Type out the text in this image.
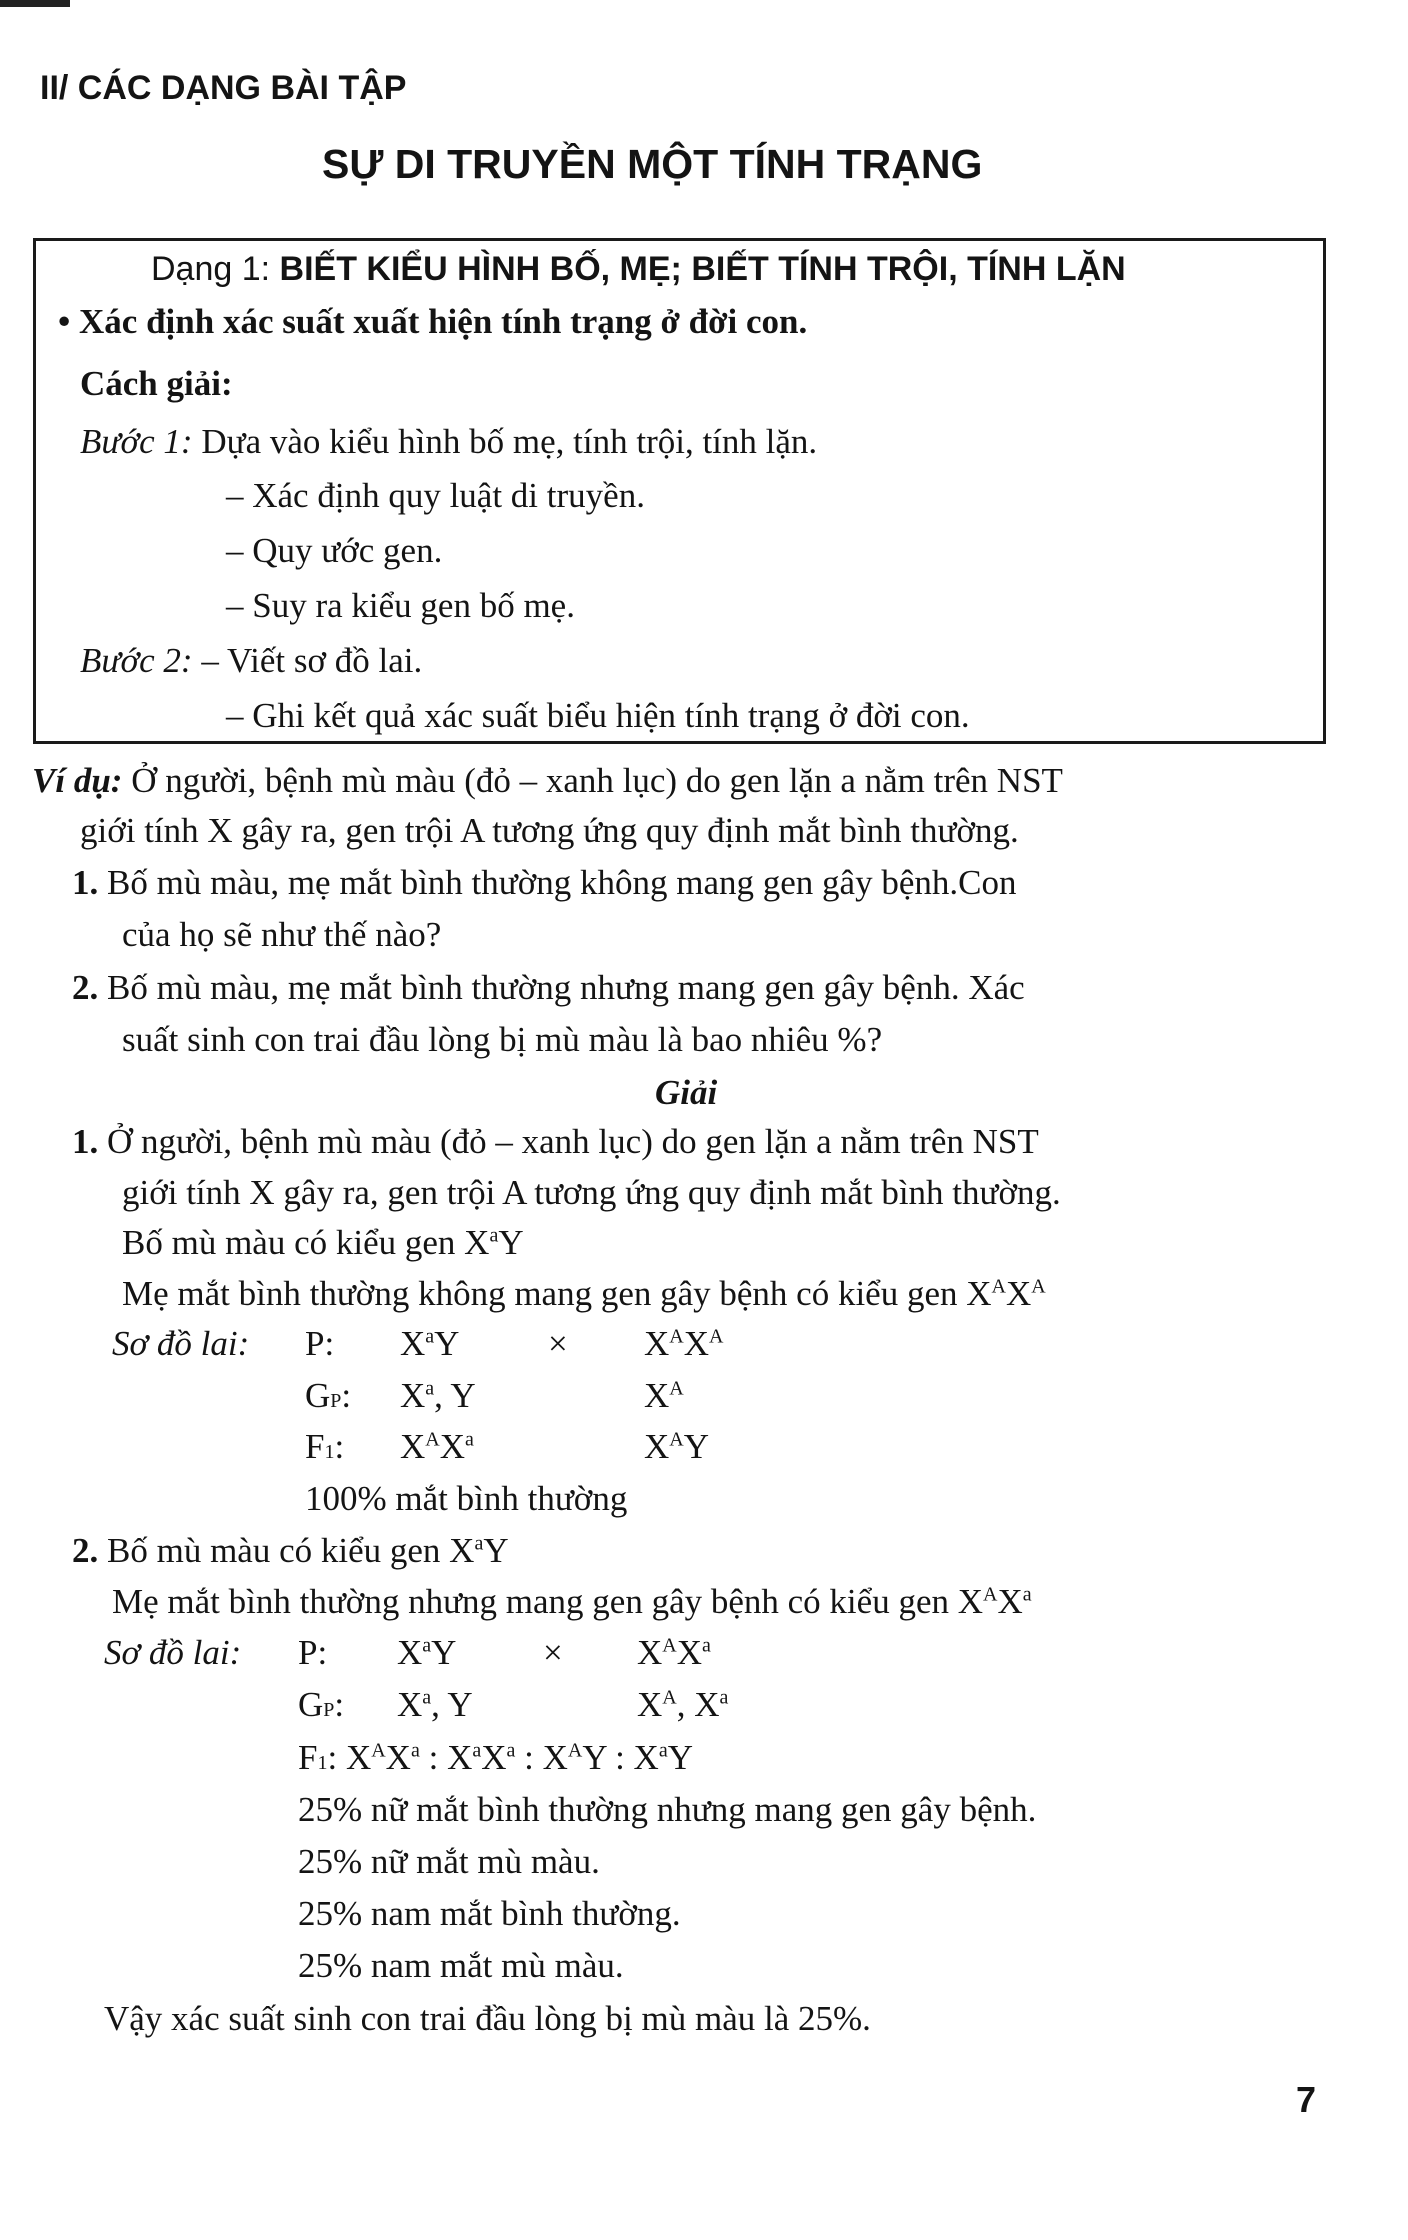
II/ CÁC DẠNG BÀI TẬP
SỰ DI TRUYỀN MỘT TÍNH TRẠNG
Dạng 1: BIẾT KIỂU HÌNH BỐ, MẸ; BIẾT TÍNH TRỘI, TÍNH LẶN
• Xác định xác suất xuất hiện tính trạng ở đời con.
Cách giải:
Bước 1: Dựa vào kiểu hình bố mẹ, tính trội, tính lặn.
– Xác định quy luật di truyền.
– Quy ước gen.
– Suy ra kiểu gen bố mẹ.
Bước 2: – Viết sơ đồ lai.
– Ghi kết quả xác suất biểu hiện tính trạng ở đời con.
Ví dụ: Ở người, bệnh mù màu (đỏ – xanh lục) do gen lặn a nằm trên NST
giới tính X gây ra, gen trội A tương ứng quy định mắt bình thường.
1. Bố mù màu, mẹ mắt bình thường không mang gen gây bệnh.Con
của họ sẽ như thế nào?
2. Bố mù màu, mẹ mắt bình thường nhưng mang gen gây bệnh. Xác
suất sinh con trai đầu lòng bị mù màu là bao nhiêu %?
Giải
1. Ở người, bệnh mù màu (đỏ – xanh lục) do gen lặn a nằm trên NST
giới tính X gây ra, gen trội A tương ứng quy định mắt bình thường.
Bố mù màu có kiểu gen $X^aY$
Mẹ mắt bình thường không mang gen gây bệnh có kiểu gen $X^AX^A$
Sơ đồ lai: P: $X^aY$	× $X^AX^A$
GP: $X^a$, Y	$X^A$
F1: $X^AX^a$	$X^AY$
100% mắt bình thường
2. Bố mù màu có kiểu gen $X^aY$
Mẹ mắt bình thường nhưng mang gen gây bệnh có kiểu gen $X^AX^a$
Sơ đồ lai: P: $X^aY \times X^AX^a$
GP: $X^a$, Y	$X^A$, $X^a$
F1: $X^AX^a$ : $X^aX^a$ : $X^AY$ : $X^aY$
25% nữ mắt bình thường nhưng mang gen gây bệnh.
25% nữ mắt mù màu.
25% nam mắt bình thường.
25% nam mắt mù màu.
Vậy xác suất sinh con trai đầu lòng bị mù màu là 25%.
7
